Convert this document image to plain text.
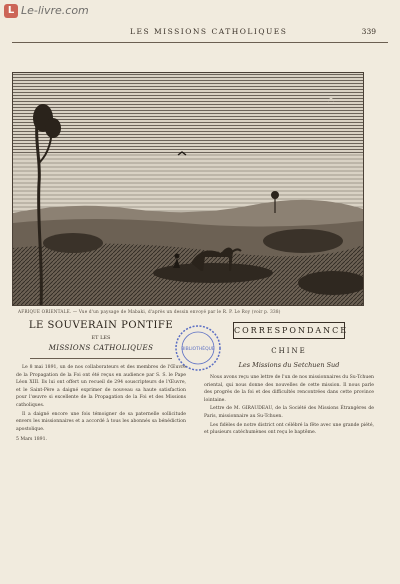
L Le-livre.com
LES MISSIONS CATHOLIQUES	339
AFRIQUE ORIENTALE. — Vue d'un paysage de Mabaki, d'après un dessin envoyé par le R. P. Le Roy (voir p. 338)
BIBLIOTHÈQUE
LE SOUVERAIN PONTIFE
ET LES
MISSIONS CATHOLIQUES

Le 8 mai 1891, un de nos collaborateurs et des membres de l'Œuvre de la Propagation de la Foi ont été reçus en audience par S. S. le Pape Léon XIII. Ils lui ont offert un recueil de 294 souscripteurs de l'Œuvre, et le Saint-Père a daigné exprimer de nouveau sa haute satisfaction pour l'œuvre si excellente de la Propagation de la Foi et des Missions catholiques.

Il a daigné encore une fois témoigner de sa paternelle sollicitude envers les missionnaires et a accordé à tous les abonnés sa bénédiction apostolique.

5 Mars 1891.
CORRESPONDANCE
CHINE
Les Missions du Setchuen Sud

Nous avons reçu une lettre de l'un de nos missionnaires du Su-Tchuen oriental, qui nous donne des nouvelles de cette mission. Il nous parle des progrès de la foi et des difficultés rencontrées dans cette province lointaine.

Lettre de M. GIRAUDEAU, de la Société des Missions Étrangères de Paris, missionnaire au Su-Tchuen.

Les fidèles de notre district ont célébré la fête avec une grande piété, et plusieurs catéchumènes ont reçu le baptême.
